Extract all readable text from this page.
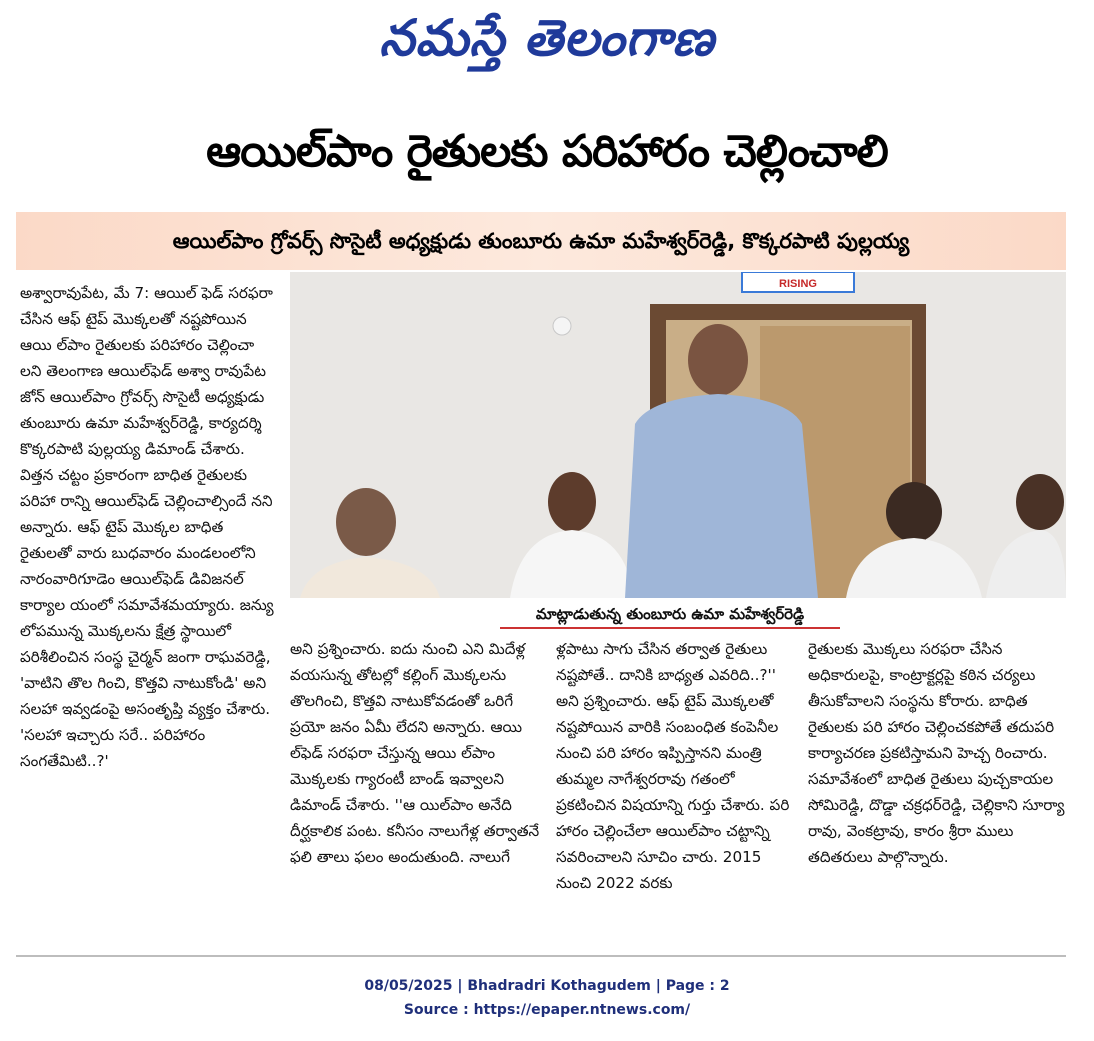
నమస్తే తెలంగాణ
ఆయిల్‌పాం రైతులకు పరిహారం చెల్లించాలి
ఆయిల్‌పాం గ్రోవర్స్ సొసైటీ అధ్యక్షుడు తుంబూరు ఉమా మహేశ్వర్‌రెడ్డి, కొక్కరపాటి పుల్లయ్య
RISING
మాట్లాడుతున్న తుంబూరు ఉమా మహేశ్వర్‌రెడ్డి
అశ్వారావుపేట, మే 7: ఆయిల్ ఫెడ్ సరఫరా చేసిన ఆఫ్ టైప్ మొక్కలతో నష్టపోయిన ఆయి ల్‌పాం రైతులకు పరిహారం చెల్లించా లని తెలంగాణ ఆయిల్‌ఫెడ్ అశ్వా రావుపేట జోన్ ఆయిల్‌పాం గ్రోవర్స్ సొసైటీ అధ్యక్షుడు తుంబూరు ఉమా మహేశ్వర్‌రెడ్డి, కార్యదర్శి కొక్కరపాటి పుల్లయ్య డిమాండ్ చేశారు. విత్తన చట్టం ప్రకారంగా బాధిత రైతులకు పరిహా రాన్ని ఆయిల్‌ఫెడ్ చెల్లించాల్సిందే నని అన్నారు. ఆఫ్ టైప్ మొక్కల బాధిత రైతులతో వారు బుధవారం మండలంలోని నారంవారిగూడెం ఆయిల్‌ఫెడ్ డివిజనల్ కార్యాల యంలో సమావేశమయ్యారు. జన్యు లోపమున్న మొక్కలను క్షేత్ర స్థాయిలో పరిశీలించిన సంస్థ చైర్మన్ జంగా రాఘవరెడ్డి, 'వాటిని తొల గించి, కొత్తవి నాటుకోండి' అని సలహా ఇవ్వడంపై అసంతృప్తి వ్యక్తం చేశారు. 'సలహా ఇచ్చారు సరే.. పరిహారం సంగతేమిటి..?'
అని ప్రశ్నించారు. ఐదు నుంచి ఎని మిదేళ్ల వయసున్న తోటల్లో కల్లింగ్ మొక్కలను తొలగించి, కొత్తవి నాటుకోవడంతో ఒరిగే ప్రయో జనం ఏమీ లేదని అన్నారు. ఆయి ల్‌ఫెడ్ సరఫరా చేస్తున్న ఆయి ల్‌పాం మొక్కలకు గ్యారంటీ బాండ్ ఇవ్వాలని డిమాండ్ చేశారు. ''ఆ యిల్‌పాం అనేది దీర్ఘకాలిక పంట. కనీసం నాలుగేళ్ల తర్వాతనే ఫలి తాలు ఫలం అందుతుంది. నాలుగే
ళ్లపాటు సాగు చేసిన తర్వాత రైతులు నష్టపోతే.. దానికి బాధ్యత ఎవరిది..?'' అని ప్రశ్నించారు. ఆఫ్ టైప్ మొక్కలతో నష్టపోయిన వారికి సంబంధిత కంపెనీల నుంచి పరి హారం ఇప్పిస్తానని మంత్రి తుమ్మల నాగేశ్వరరావు గతంలో ప్రకటించిన విషయాన్ని గుర్తు చేశారు. పరి హారం చెల్లించేలా ఆయిల్‌పాం చట్టాన్ని సవరించాలని సూచిం చారు. 2015 నుంచి 2022 వరకు
రైతులకు మొక్కలు సరఫరా చేసిన అధికారులపై, కాంట్రాక్టర్లపై కఠిన చర్యలు తీసుకోవాలని సంస్థను కోరారు. బాధిత రైతులకు పరి హారం చెల్లించకపోతే తదుపరి కార్యాచరణ ప్రకటిస్తామని హెచ్చ రించారు. సమావేశంలో బాధిత రైతులు పుచ్చకాయల సోమిరెడ్డి, దొడ్డా చక్రధర్‌రెడ్డి, చెల్లికాని సూర్యా రావు, వెంకట్రావు, కారం శ్రీరా ములు తదితరులు పాల్గొన్నారు.
08/05/2025 | Bhadradri Kothagudem | Page : 2
Source : https://epaper.ntnews.com/
